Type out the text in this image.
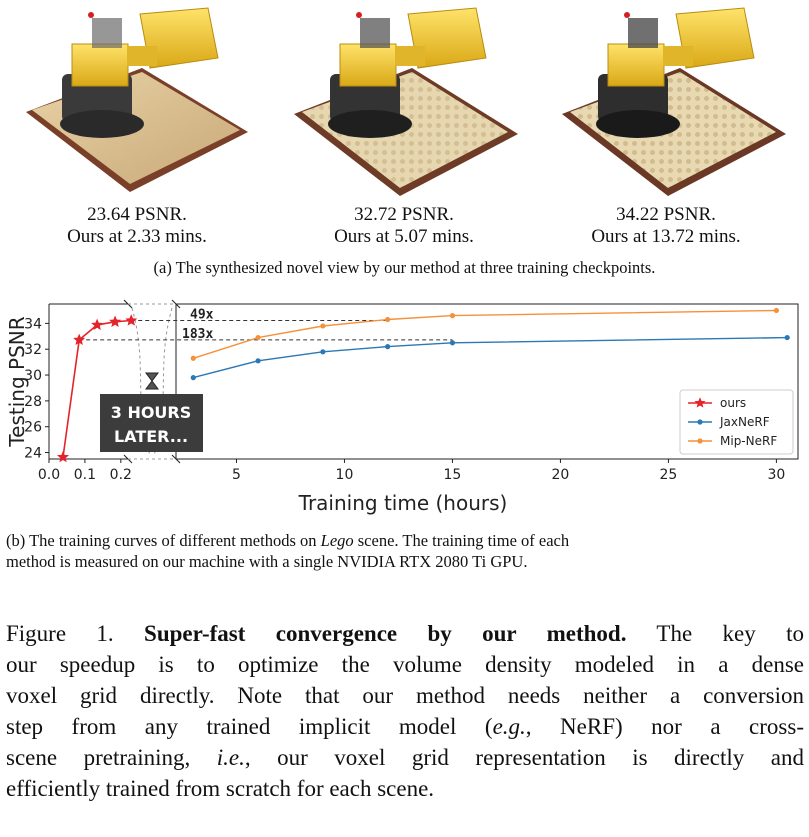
23.64 PSNR.
Ours at 2.33 mins.
32.72 PSNR.
Ours at 5.07 mins.
34.22 PSNR.
Ours at 13.72 mins.
(a) The synthesized novel view by our method at three training checkpoints.
24
26
28
30
32
34
0.0 0.1 0.2	5	10	15	20	25	30
Training time (hours)
Testing PSNR
49x
183x
3 HOURS
LATER...
ours
JaxNeRF
Mip-NeRF
(b) The training curves of different methods on Lego scene. The training time of each
method is measured on our machine with a single NVIDIA RTX 2080 Ti GPU.
Figure 1. Super-fast convergence by our method. The key to
our speedup is to optimize the volume density modeled in a dense
voxel grid directly. Note that our method needs neither a conversion
step from any trained implicit model (e.g., NeRF) nor a cross-
scene pretraining, i.e., our voxel grid representation is directly and
efficiently trained from scratch for each scene.
